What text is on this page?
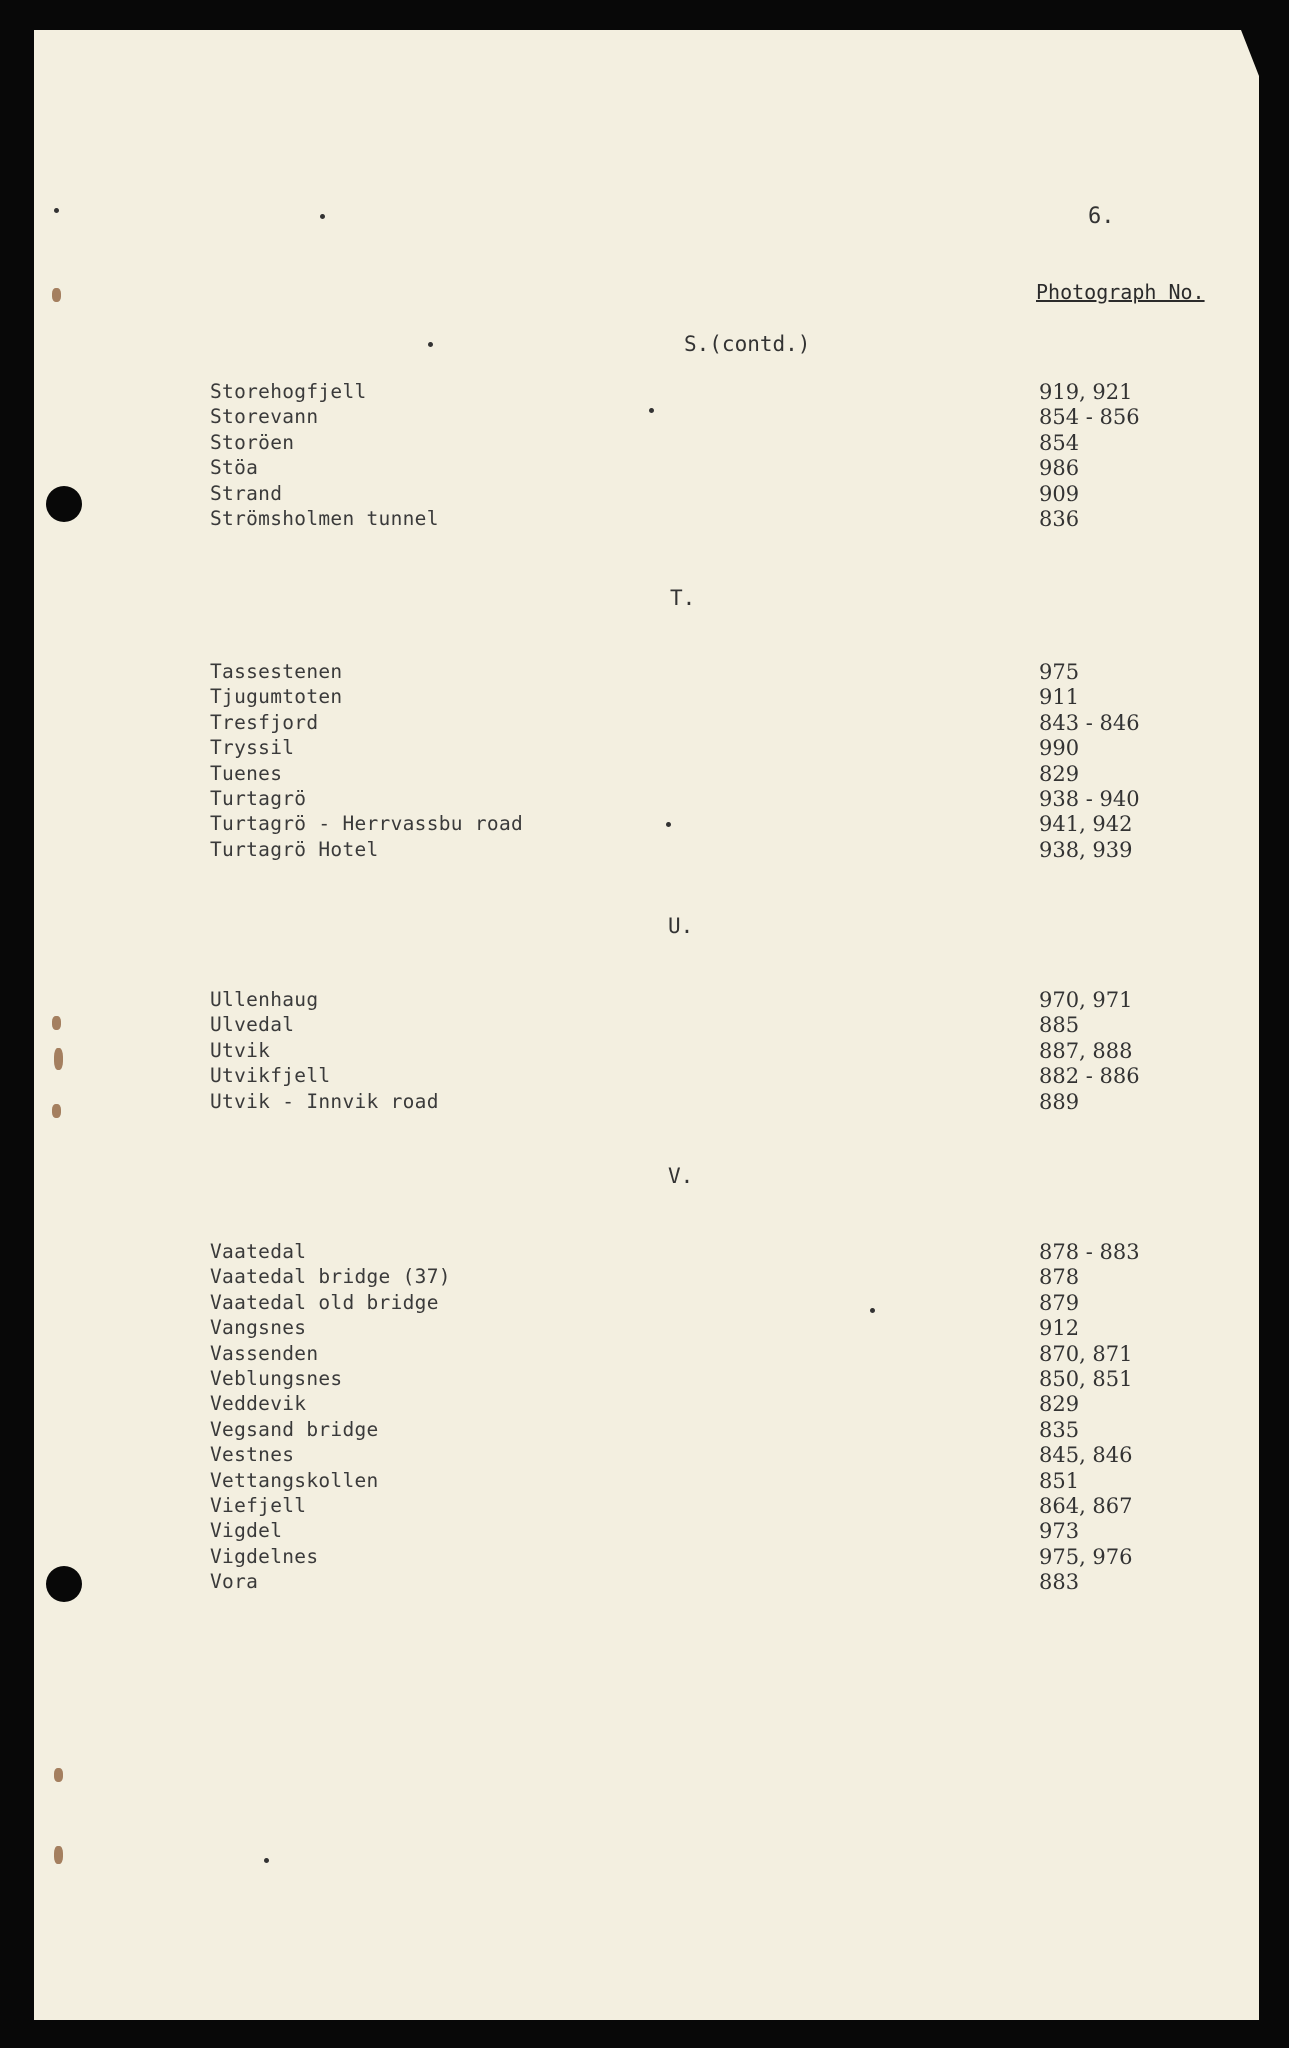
6.
Photograph No.
S.(contd.)
Storehogfjell	919, 921
Storevann	854 - 856
Storöen	854
Stöa	986
Strand	909
Strömsholmen tunnel	836
T.
Tassestenen	975
Tjugumtoten	911
Tresfjord	843 - 846
Tryssil	990
Tuenes	829
Turtagrö	938 - 940
Turtagrö - Herrvassbu road	941, 942
Turtagrö Hotel	938, 939
U.
Ullenhaug	970, 971
Ulvedal	885
Utvik	887, 888
Utvikfjell	882 - 886
Utvik - Innvik road	889
V.
Vaatedal	878 - 883
Vaatedal bridge (37)	878
Vaatedal old bridge	879
Vangsnes	912
Vassenden	870, 871
Veblungsnes	850, 851
Veddevik	829
Vegsand bridge	835
Vestnes	845, 846
Vettangskollen	851
Viefjell	864, 867
Vigdel	973
Vigdelnes	975, 976
Vora	883
